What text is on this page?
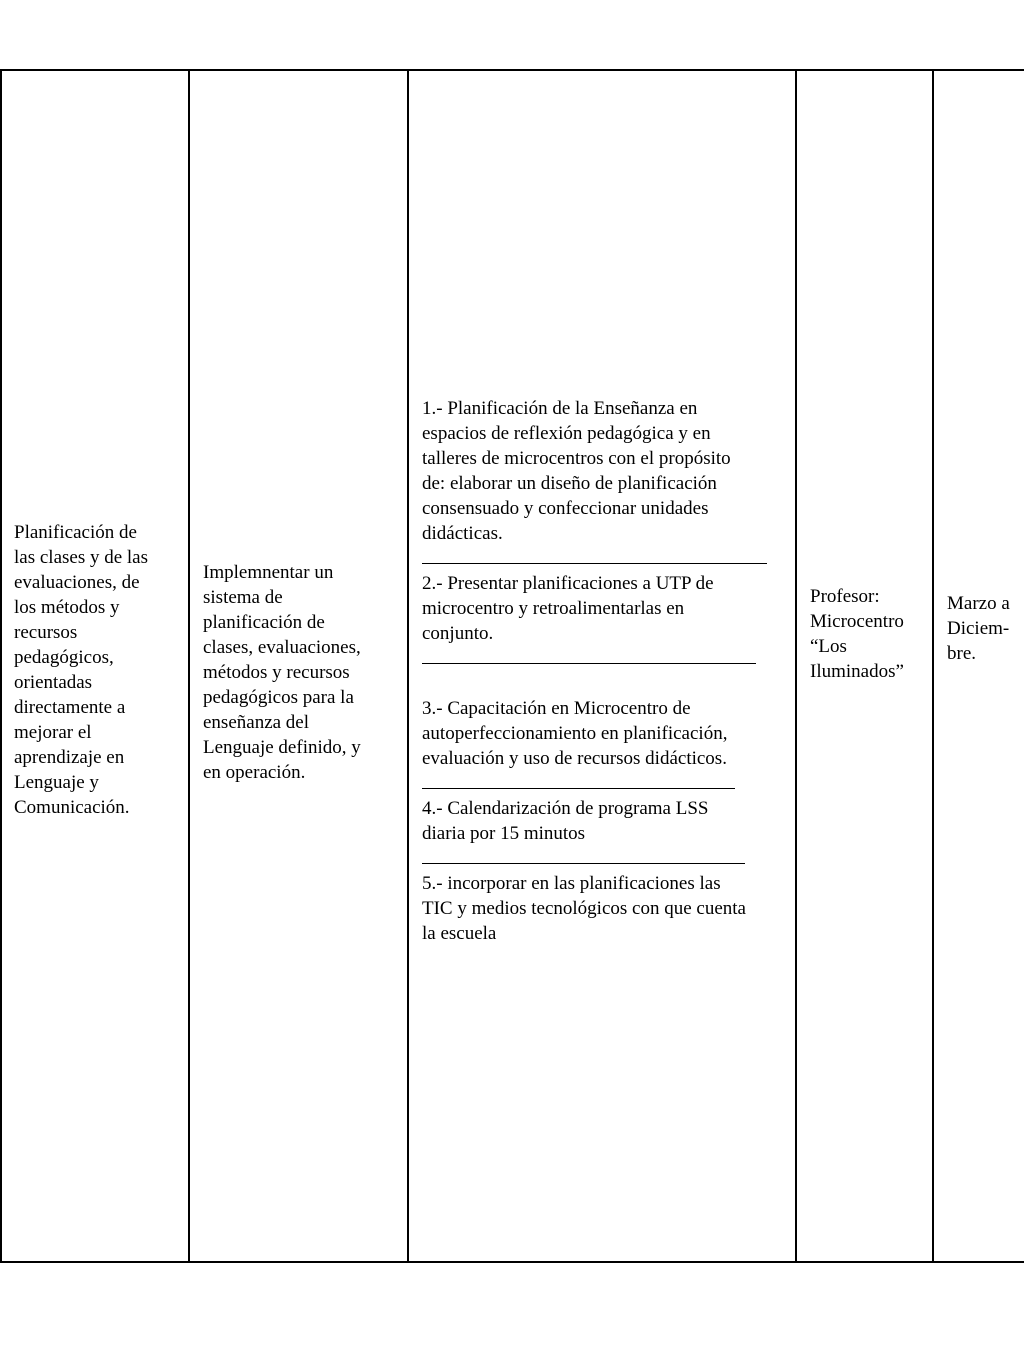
Planificación de
las clases y de las
evaluaciones, de
los métodos y
recursos
pedagógicos,
orientadas
directamente a
mejorar el
aprendizaje en
Lenguaje y
Comunicación.
Implemnentar un
sistema de
planificación de
clases, evaluaciones,
métodos y recursos
pedagógicos para la
enseñanza del
Lenguaje definido, y
en operación.

1.- Planificación de la Enseñanza en
espacios de reflexión pedagógica y en
talleres de microcentros con el propósito
de: elaborar un diseño de planificación
consensuado y confeccionar unidades
didácticas.

2.- Presentar planificaciones a UTP de
microcentro y retroalimentarlas en
conjunto.

3.- Capacitación en Microcentro de
autoperfeccionamiento en planificación,
evaluación y uso de recursos didácticos.

4.- Calendarización de programa LSS
diaria por 15 minutos

5.- incorporar en las planificaciones las
TIC y medios tecnológicos con que cuenta
la escuela

Profesor:
Microcentro
“Los
Iluminados”
Marzo a
Diciem-
bre.
